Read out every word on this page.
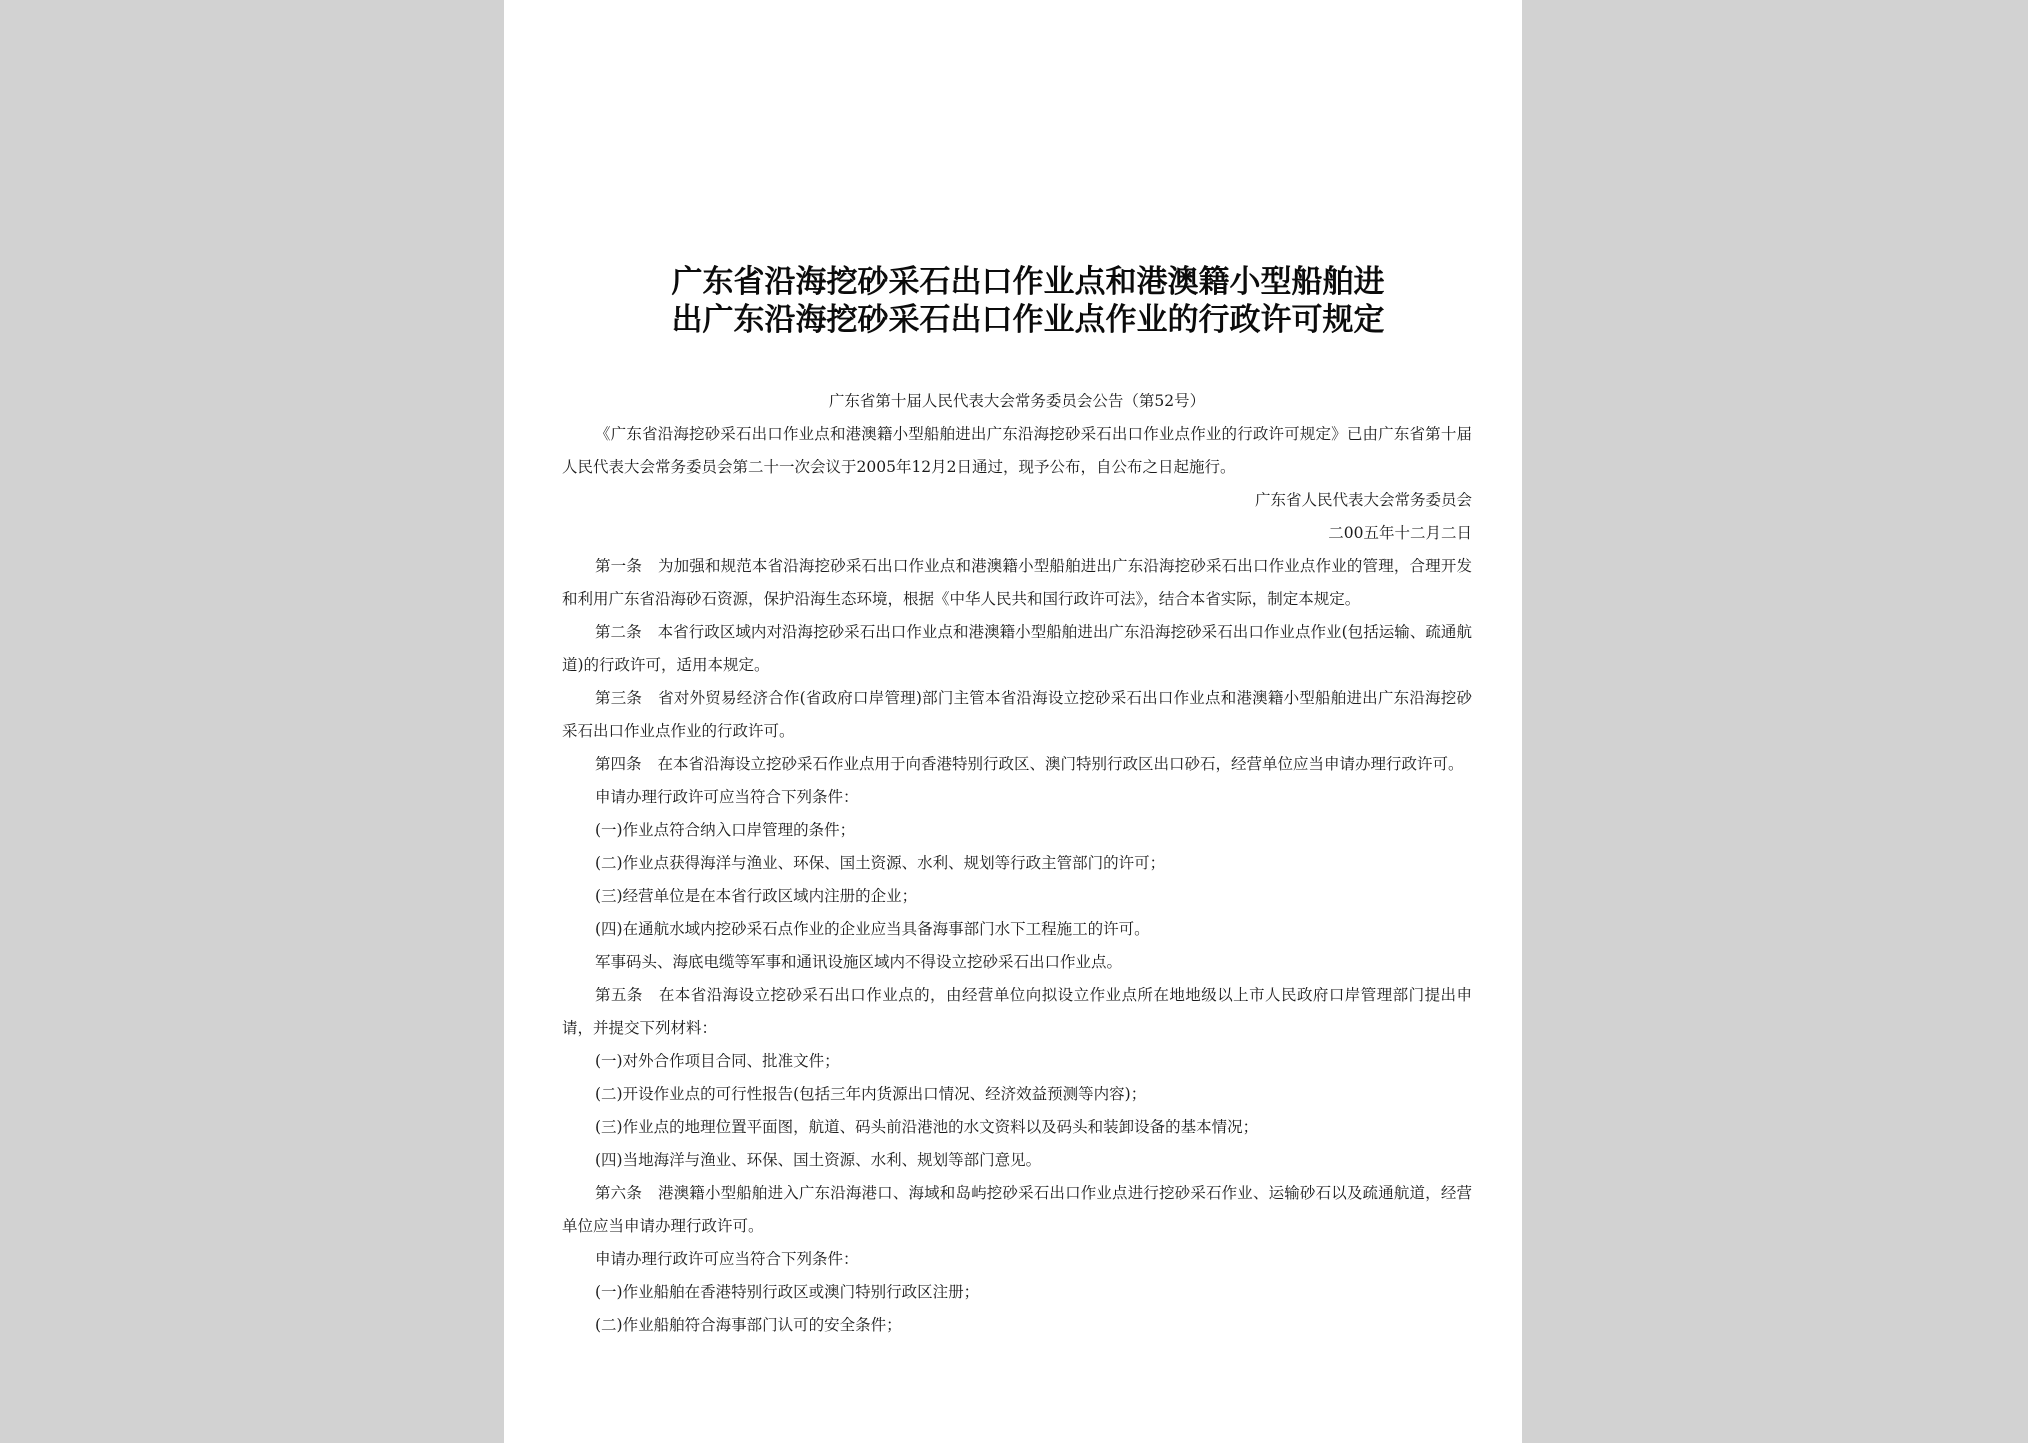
广东省沿海挖砂采石出口作业点和港澳籍小型船舶进
出广东沿海挖砂采石出口作业点作业的行政许可规定

广东省第十届人民代表大会常务委员会公告（第52号）

《广东省沿海挖砂采石出口作业点和港澳籍小型船舶进出广东沿海挖砂采石出口作业点作业的行政许可规定》已由广东省第十届人民代表大会常务委员会第二十一次会议于2005年12月2日通过，现予公布，自公布之日起施行。

广东省人民代表大会常务委员会

二00五年十二月二日

第一条 为加强和规范本省沿海挖砂采石出口作业点和港澳籍小型船舶进出广东沿海挖砂采石出口作业点作业的管理，合理开发和利用广东省沿海砂石资源，保护沿海生态环境，根据《中华人民共和国行政许可法》，结合本省实际，制定本规定。

第二条 本省行政区域内对沿海挖砂采石出口作业点和港澳籍小型船舶进出广东沿海挖砂采石出口作业点作业(包括运输、疏通航道)的行政许可，适用本规定。

第三条 省对外贸易经济合作(省政府口岸管理)部门主管本省沿海设立挖砂采石出口作业点和港澳籍小型船舶进出广东沿海挖砂采石出口作业点作业的行政许可。

第四条 在本省沿海设立挖砂采石作业点用于向香港特别行政区、澳门特别行政区出口砂石，经营单位应当申请办理行政许可。

申请办理行政许可应当符合下列条件：

(一)作业点符合纳入口岸管理的条件；

(二)作业点获得海洋与渔业、环保、国土资源、水利、规划等行政主管部门的许可；

(三)经营单位是在本省行政区域内注册的企业；

(四)在通航水域内挖砂采石点作业的企业应当具备海事部门水下工程施工的许可。

军事码头、海底电缆等军事和通讯设施区域内不得设立挖砂采石出口作业点。

第五条 在本省沿海设立挖砂采石出口作业点的，由经营单位向拟设立作业点所在地地级以上市人民政府口岸管理部门提出申请，并提交下列材料：

(一)对外合作项目合同、批准文件；

(二)开设作业点的可行性报告(包括三年内货源出口情况、经济效益预测等内容)；

(三)作业点的地理位置平面图，航道、码头前沿港池的水文资料以及码头和装卸设备的基本情况；

(四)当地海洋与渔业、环保、国土资源、水利、规划等部门意见。

第六条 港澳籍小型船舶进入广东沿海港口、海域和岛屿挖砂采石出口作业点进行挖砂采石作业、运输砂石以及疏通航道，经营单位应当申请办理行政许可。

申请办理行政许可应当符合下列条件：

(一)作业船舶在香港特别行政区或澳门特别行政区注册；

(二)作业船舶符合海事部门认可的安全条件；
